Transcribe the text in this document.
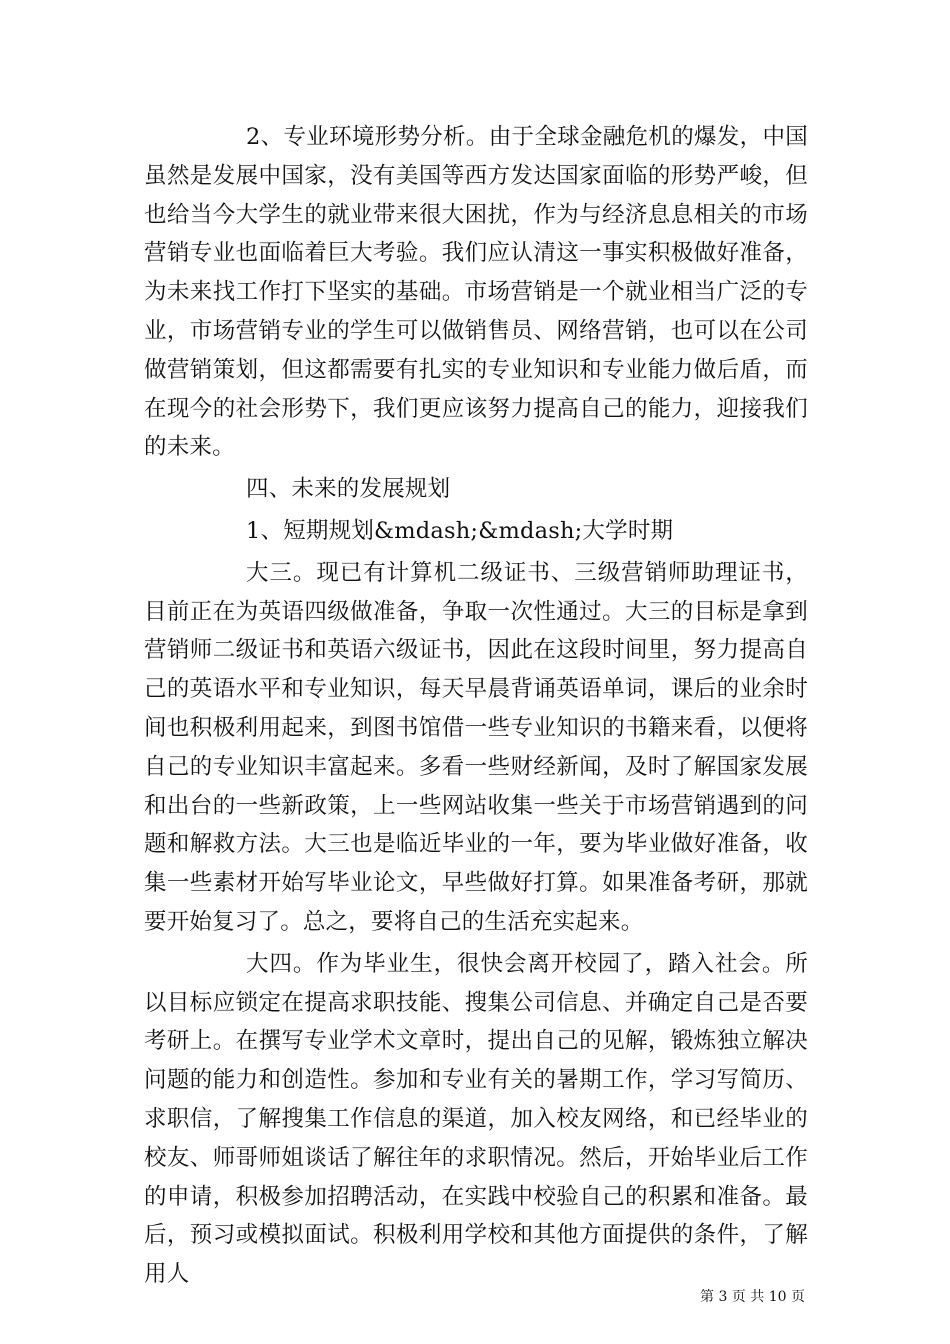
2、专业环境形势分析。由于全球金融危机的爆发，中国虽然是发展中国家，没有美国等西方发达国家面临的形势严峻，但也给当今大学生的就业带来很大困扰，作为与经济息息相关的市场营销专业也面临着巨大考验。我们应认清这一事实积极做好准备，为未来找工作打下坚实的基础。市场营销是一个就业相当广泛的专业，市场营销专业的学生可以做销售员、网络营销，也可以在公司做营销策划，但这都需要有扎实的专业知识和专业能力做后盾，而在现今的社会形势下，我们更应该努力提高自己的能力，迎接我们的未来。

四、未来的发展规划

1、短期规划&mdash;&mdash;大学时期

大三。现已有计算机二级证书、三级营销师助理证书，目前正在为英语四级做准备，争取一次性通过。大三的目标是拿到营销师二级证书和英语六级证书，因此在这段时间里，努力提高自己的英语水平和专业知识，每天早晨背诵英语单词，课后的业余时间也积极利用起来，到图书馆借一些专业知识的书籍来看，以便将自己的专业知识丰富起来。多看一些财经新闻，及时了解国家发展和出台的一些新政策，上一些网站收集一些关于市场营销遇到的问题和解救方法。大三也是临近毕业的一年，要为毕业做好准备，收集一些素材开始写毕业论文，早些做好打算。如果准备考研，那就要开始复习了。总之，要将自己的生活充实起来。

大四。作为毕业生，很快会离开校园了，踏入社会。所以目标应锁定在提高求职技能、搜集公司信息、并确定自己是否要考研上。在撰写专业学术文章时，提出自己的见解，锻炼独立解决问题的能力和创造性。参加和专业有关的暑期工作，学习写简历、求职信，了解搜集工作信息的渠道，加入校友网络，和已经毕业的校友、师哥师姐谈话了解往年的求职情况。然后，开始毕业后工作的申请，积极参加招聘活动，在实践中校验自己的积累和准备。最后，预习或模拟面试。积极利用学校和其他方面提供的条件，了解用人

第 3 页 共 10 页
